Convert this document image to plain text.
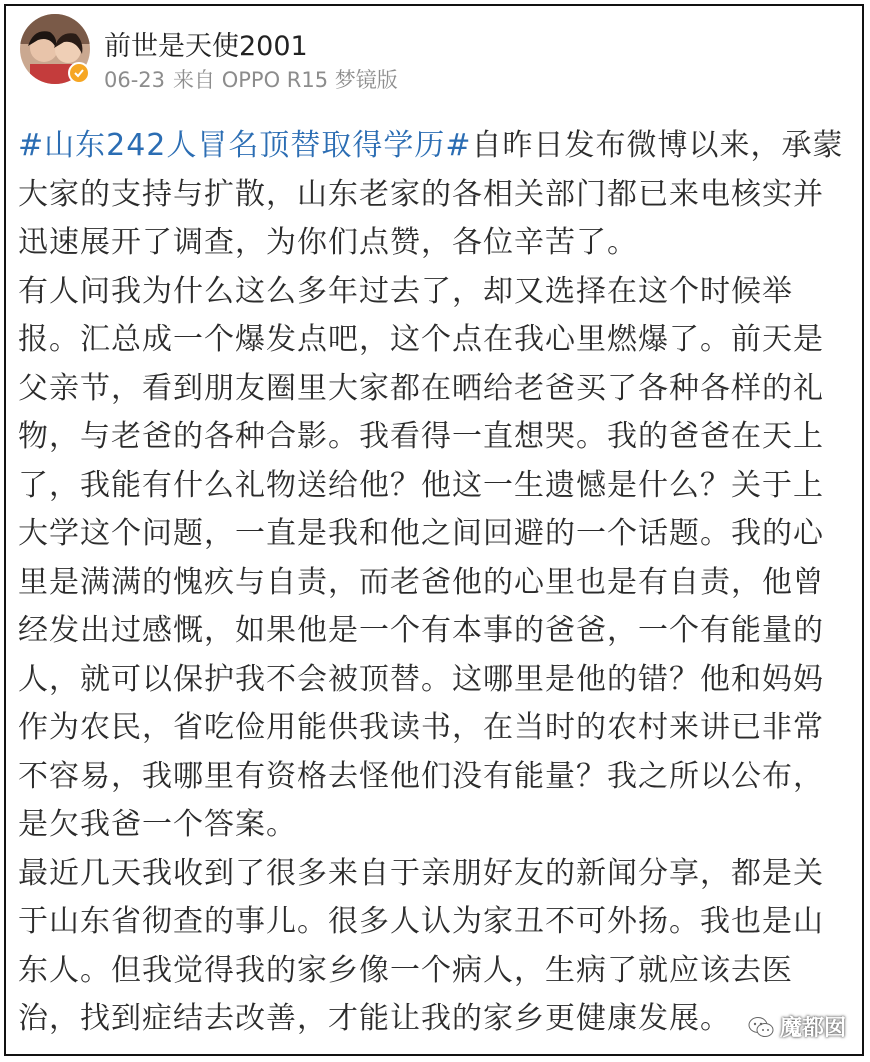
前世是天使2001
06-23 来自 OPPO R15 梦镜版

#山东242人冒名顶替取得学历#自昨日发布微博以来，承蒙大家的支持与扩散，山东老家的各相关部门都已来电核实并迅速展开了调查，为你们点赞，各位辛苦了。

有人问我为什么这么多年过去了，却又选择在这个时候举报。汇总成一个爆发点吧，这个点在我心里燃爆了。前天是父亲节，看到朋友圈里大家都在晒给老爸买了各种各样的礼物，与老爸的各种合影。我看得一直想哭。我的爸爸在天上了，我能有什么礼物送给他？他这一生遗憾是什么？关于上大学这个问题，一直是我和他之间回避的一个话题。我的心里是满满的愧疚与自责，而老爸他的心里也是有自责，他曾经发出过感慨，如果他是一个有本事的爸爸，一个有能量的人，就可以保护我不会被顶替。这哪里是他的错？他和妈妈作为农民，省吃俭用能供我读书，在当时的农村来讲已非常不容易，我哪里有资格去怪他们没有能量？我之所以公布，是欠我爸一个答案。

最近几天我收到了很多来自于亲朋好友的新闻分享，都是关于山东省彻查的事儿。很多人认为家丑不可外扬。我也是山东人。但我觉得我的家乡像一个病人，生病了就应该去医治，找到症结去改善，才能让我的家乡更健康发展。	魔都囡
